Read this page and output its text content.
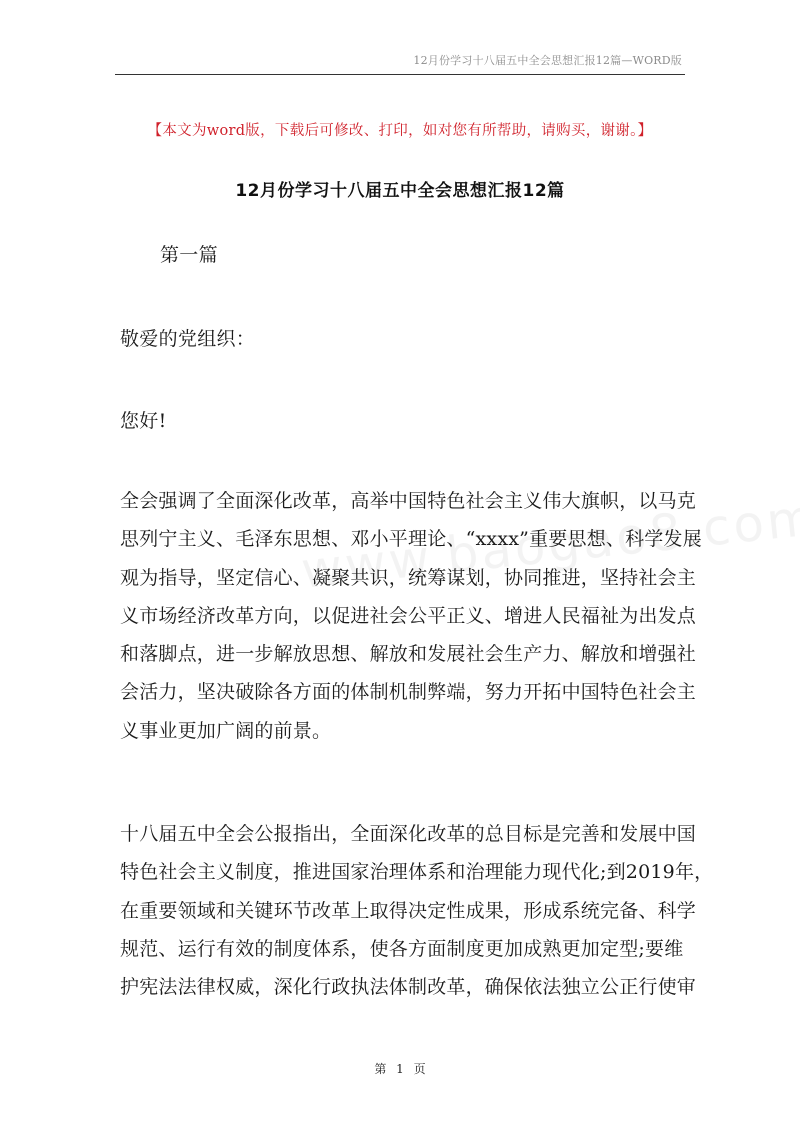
12月份学习十八届五中全会思想汇报12篇—WORD版
【本文为word版，下载后可修改、打印，如对您有所帮助，请购买，谢谢。】
12月份学习十八届五中全会思想汇报12篇
第一篇
敬爱的党组织：
您好!
全会强调了全面深化改革，高举中国特色社会主义伟大旗帜，以马克
思列宁主义、毛泽东思想、邓小平理论、“xxxx”重要思想、科学发展
观为指导，坚定信心、凝聚共识，统筹谋划，协同推进，坚持社会主
义市场经济改革方向，以促进社会公平正义、增进人民福祉为出发点
和落脚点，进一步解放思想、解放和发展社会生产力、解放和增强社
会活力，坚决破除各方面的体制机制弊端，努力开拓中国特色社会主
义事业更加广阔的前景。
十八届五中全会公报指出，全面深化改革的总目标是完善和发展中国
特色社会主义制度，推进国家治理体系和治理能力现代化;到2019年，
在重要领域和关键环节改革上取得决定性成果，形成系统完备、科学
规范、运行有效的制度体系，使各方面制度更加成熟更加定型;要维
护宪法法律权威，深化行政执法体制改革，确保依法独立公正行使审
第 1 页
